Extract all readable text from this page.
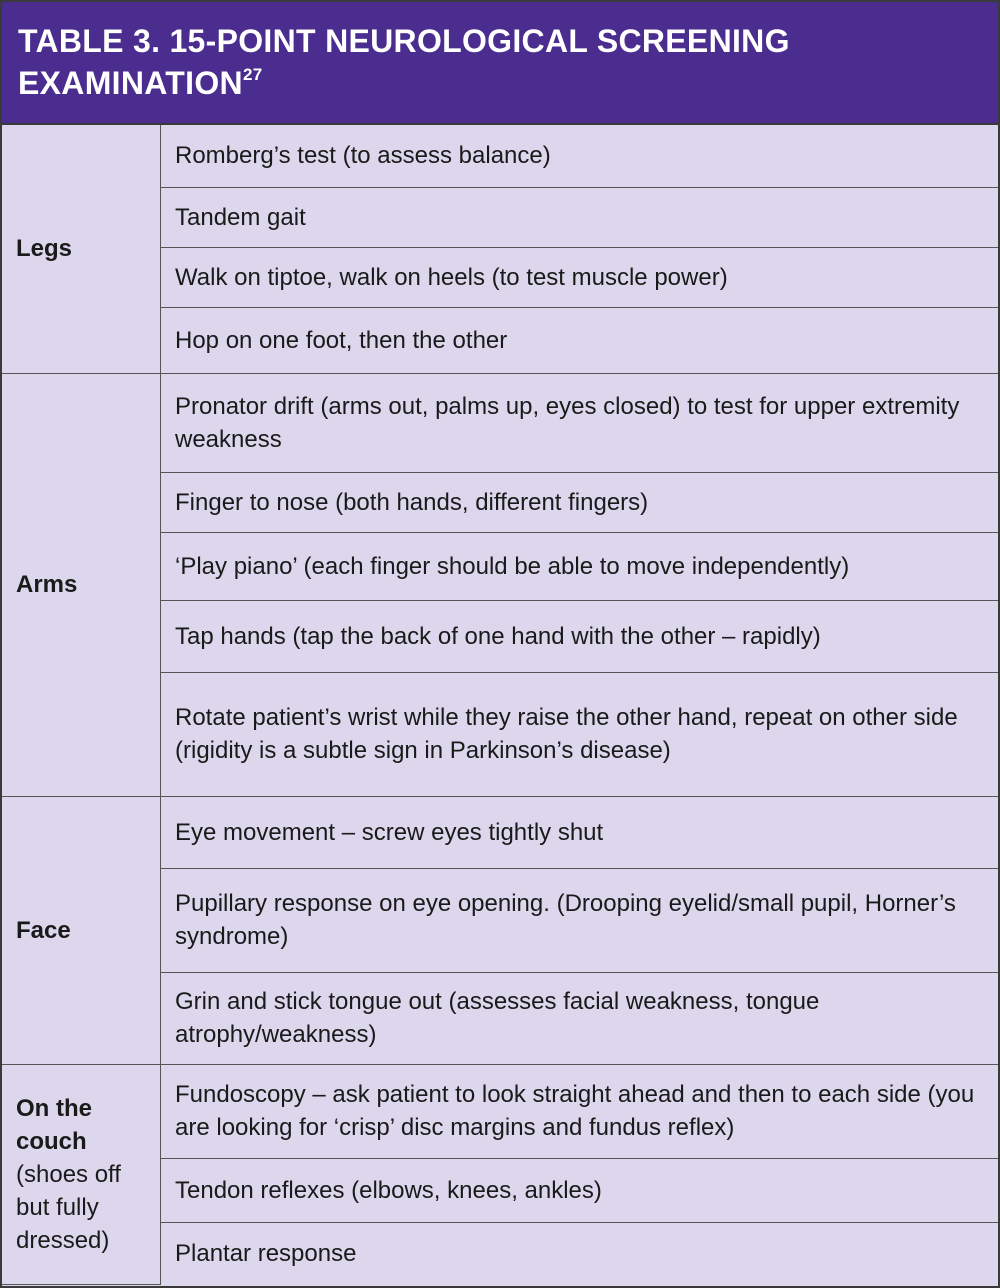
TABLE 3. 15-POINT NEUROLOGICAL SCREENING EXAMINATION$^{27}$
Legs	Romberg’s test (to assess balance)
	Tandem gait
	Walk on tiptoe, walk on heels (to test muscle power)
	Hop on one foot, then the other
Arms	Pronator drift (arms out, palms up, eyes closed) to test for upper extremity weakness
	Finger to nose (both hands, different fingers)
	‘Play piano’ (each finger should be able to move independently)
	Tap hands (tap the back of one hand with the other – rapidly)
	Rotate patient’s wrist while they raise the other hand, repeat on other side (rigidity is a subtle sign in Parkinson’s disease)
Face	Eye movement – screw eyes tightly shut
	Pupillary response on eye opening. (Drooping eyelid/small pupil, Horner’s syndrome)
	Grin and stick tongue out (assesses facial weakness, tongue atrophy/weakness)
On the couch
(shoes off but fully dressed)	Fundoscopy – ask patient to look straight ahead and then to each side (you are looking for ‘crisp’ disc margins and fundus reflex)
	Tendon reflexes (elbows, knees, ankles)
	Plantar response
